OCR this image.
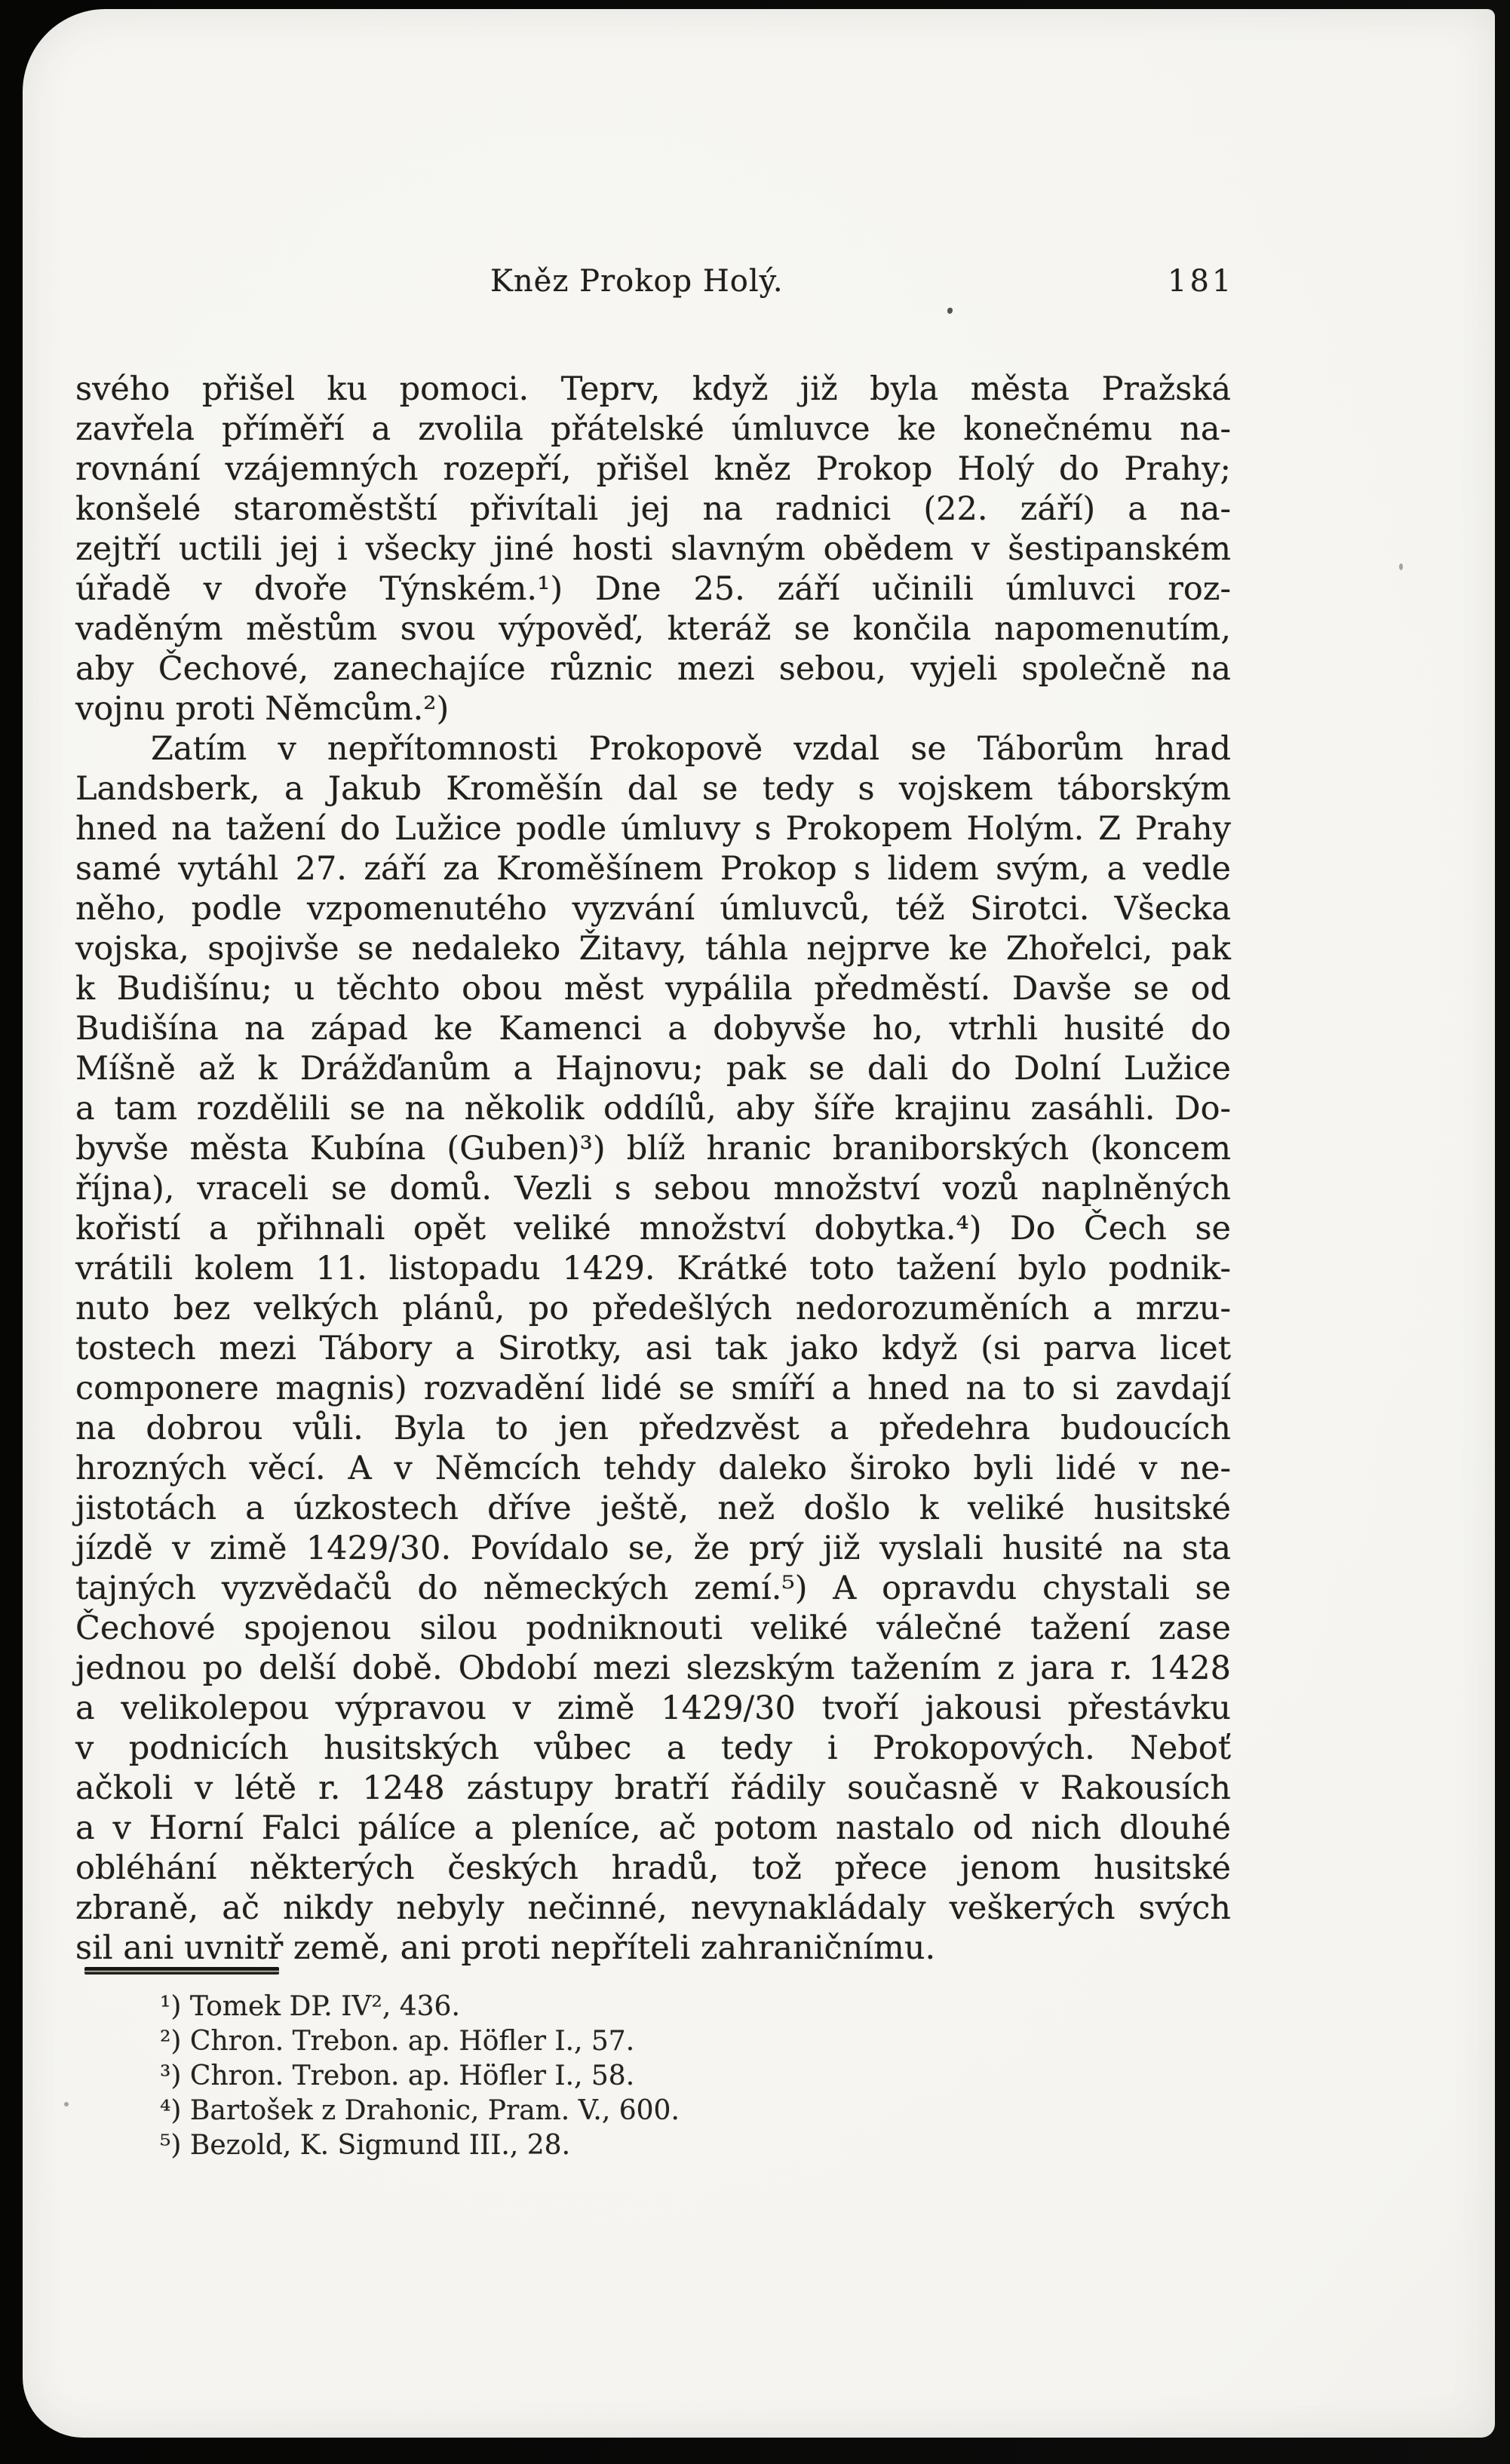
Kněz Prokop Holý.	181
svého přišel ku pomoci. Teprv, když již byla města Pražská
zavřela příměří a zvolila přátelské úmluvce ke konečnému na-
rovnání vzájemných rozepří, přišel kněz Prokop Holý do Prahy;
konšelé staroměstští přivítali jej na radnici (22. září) a na-
zejtří uctili jej i všecky jiné hosti slavným obědem v šestipanském
úřadě v dvoře Týnském.¹) Dne 25. září učinili úmluvci roz-
vaděným městům svou výpověď, kteráž se končila napomenutím,
aby Čechové, zanechajíce různic mezi sebou, vyjeli společně na
vojnu proti Němcům.²)
Zatím v nepřítomnosti Prokopově vzdal se Táborům hrad
Landsberk, a Jakub Kroměšín dal se tedy s vojskem táborským
hned na tažení do Lužice podle úmluvy s Prokopem Holým. Z Prahy
samé vytáhl 27. září za Kroměšínem Prokop s lidem svým, a vedle
něho, podle vzpomenutého vyzvání úmluvců, též Sirotci. Všecka
vojska, spojivše se nedaleko Žitavy, táhla nejprve ke Zhořelci, pak
k Budišínu; u těchto obou měst vypálila předměstí. Davše se od
Budišína na západ ke Kamenci a dobyvše ho, vtrhli husité do
Míšně až k Drážďanům a Hajnovu; pak se dali do Dolní Lužice
a tam rozdělili se na několik oddílů, aby šíře krajinu zasáhli. Do-
byvše města Kubína (Guben)³) blíž hranic braniborských (koncem
října), vraceli se domů. Vezli s sebou množství vozů naplněných
kořistí a přihnali opět veliké množství dobytka.⁴) Do Čech se
vrátili kolem 11. listopadu 1429. Krátké toto tažení bylo podnik-
nuto bez velkých plánů, po předešlých nedorozuměních a mrzu-
tostech mezi Tábory a Sirotky, asi tak jako když (si parva licet
componere magnis) rozvadění lidé se smíří a hned na to si zavdají
na dobrou vůli. Byla to jen předzvěst a předehra budoucích
hrozných věcí. A v Němcích tehdy daleko široko byli lidé v ne-
jistotách a úzkostech dříve ještě, než došlo k veliké husitské
jízdě v zimě 1429/30. Povídalo se, že prý již vyslali husité na sta
tajných vyzvědačů do německých zemí.⁵) A opravdu chystali se
Čechové spojenou silou podniknouti veliké válečné tažení zase
jednou po delší době. Období mezi slezským tažením z jara r. 1428
a velikolepou výpravou v zimě 1429/30 tvoří jakousi přestávku
v podnicích husitských vůbec a tedy i Prokopových. Neboť
ačkoli v létě r. 1248 zástupy bratří řádily současně v Rakousích
a v Horní Falci pálíce a pleníce, ač potom nastalo od nich dlouhé
obléhání některých českých hradů, tož přece jenom husitské
zbraně, ač nikdy nebyly nečinné, nevynakládaly veškerých svých
sil ani uvnitř země, ani proti nepříteli zahraničnímu.
¹) Tomek DP. IV², 436.
²) Chron. Trebon. ap. Höfler I., 57.
³) Chron. Trebon. ap. Höfler I., 58.
⁴) Bartošek z Drahonic, Pram. V., 600.
⁵) Bezold, K. Sigmund III., 28.
